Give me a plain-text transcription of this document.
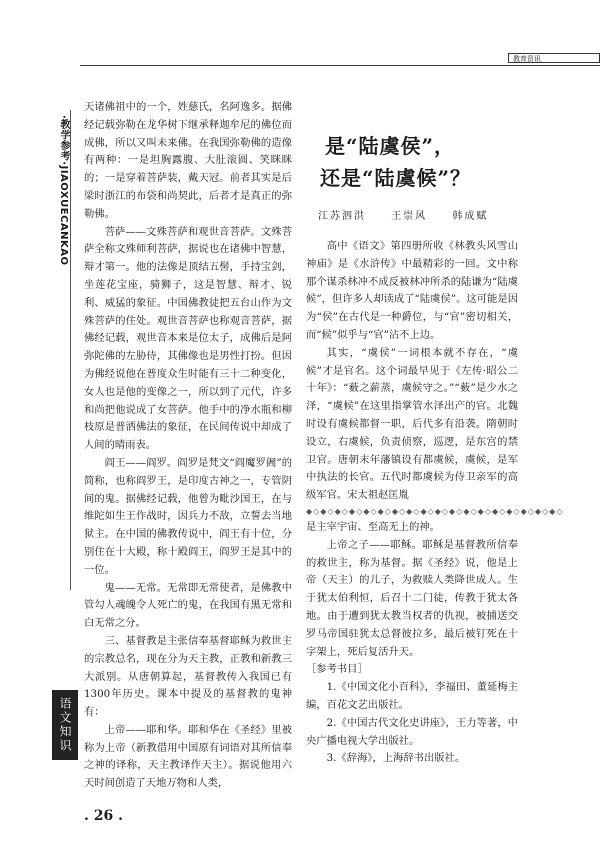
教育资讯
·教学参考·JIAOXUECANKAO
语文知识

天诸佛祖中的一个，姓慈氏，名阿逸多。据佛经记载弥勒在龙华树下继承释迦牟尼的佛位而成佛，所以又叫未来佛。在我国弥勒佛的造像有两种：一是坦胸露腹、大肚滚圆、笑眯眯的；一是穿着菩萨装，戴天冠。前者其实是后梁时浙江的布袋和尚契此，后者才是真正的弥勒佛。

菩萨——文殊菩萨和观世音菩萨。文殊菩萨全称文殊师利菩萨，据说也在诸佛中智慧，辩才第一。他的法像是顶结五髻，手持宝剑，坐莲花宝座，骑狮子，这是智慧、辩才、锐利、威猛的象征。中国佛教徒把五台山作为文殊菩萨的住处。观世音菩萨也称观音菩萨，据佛经记载，观世音本来是位太子，成佛后是阿弥陀佛的左胁侍，其佛像也是男性打扮。但因为佛经说他在普度众生时能有三十二种变化，女人也是他的变像之一，所以到了元代，许多和尚把他说成了女菩萨。他手中的净水瓶和柳枝原是普洒佛法的象征，在民间传说中却成了人间的晴雨表。

阎王——阎罗。阎罗是梵文“阎魔罗阇”的简称，也称阎罗王，是印度古神之一，专管阴间的鬼。据佛经记载，他曾为毗沙国王，在与维陀如生王作战时，因兵力不敌，立誓去当地狱主。在中国的佛教传说中，阎王有十位，分别住在十大殿，称十殿阎王，阎罗王是其中的一位。

鬼——无常。无常即无常使者，是佛教中管勾人魂魄令人死亡的鬼，在我国有黑无常和白无常之分。

三、基督教是主张信奉基督耶稣为救世主的宗教总名，现在分为天主教，正教和新教三大派别。从唐朝算起，基督教传入我国已有1300年历史。课本中提及的基督教的鬼神有：

上帝——耶和华。耶和华在《圣经》里被称为上帝（新教借用中国原有词语对其所信奉之神的译称，天主教译作天主）。据说他用六天时间创造了天地万物和人类，

是“陆虞侯”，
还是“陆虞候”？
江苏泗洪	王崇风	韩成赋

高中《语文》第四册所收《林教头风雪山神庙》是《水浒传》中最精彩的一回。文中称那个谋杀林冲不成反被林冲所杀的陆谦为“陆虞候”，但许多人却读成了“陆虞侯”。这可能是因为“侯”在古代是一种爵位，与“官”密切相关，而“候”似乎与“官”沾不上边。

其实，“虞侯”一词根本就不存在，“虞候”才是官名。这个词最早见于《左传·昭公二十年》：“薮之薪蒸，虞候守之。”“薮”是少水之泽，“虞候”在这里指掌管水泽出产的官。北魏时设有虞候都督一职，后代多有沿袭。隋朝时设立，右虞候，负责侦察，巡逻，是东宫的禁卫官。唐朝末年藩镇设有都虞候，虞候，是军中执法的长官。五代时都虞候为侍卫亲军的高级军官。宋太祖赵匡胤

是主宰宇宙、至高无上的神。

上帝之子——耶稣。耶稣是基督教所信奉的救世主，称为基督。据《圣经》说，他是上帝（天主）的儿子，为救赎人类降世成人。生于犹太伯利恒，后召十二门徒，传教于犹太各地。由于遭到犹太教当权者的仇视，被捕送交罗马帝国驻犹太总督彼拉多，最后被钉死在十字架上，死后复活升天。

［参考书目］

1.《中国文化小百科》，李福田、董延梅主编，百花文艺出版社。

2.《中国古代文化史讲座》，王力等著，中央广播电视大学出版社。

3.《辞海》，上海辞书出版社。

◆◇◆◇◆◇◆◇◆◇◆◇◆◇◆◇◆◇◆◇◆◇◆◇◆◇◆◇◆◇◆◇◆◇◆◇
. 26 .
